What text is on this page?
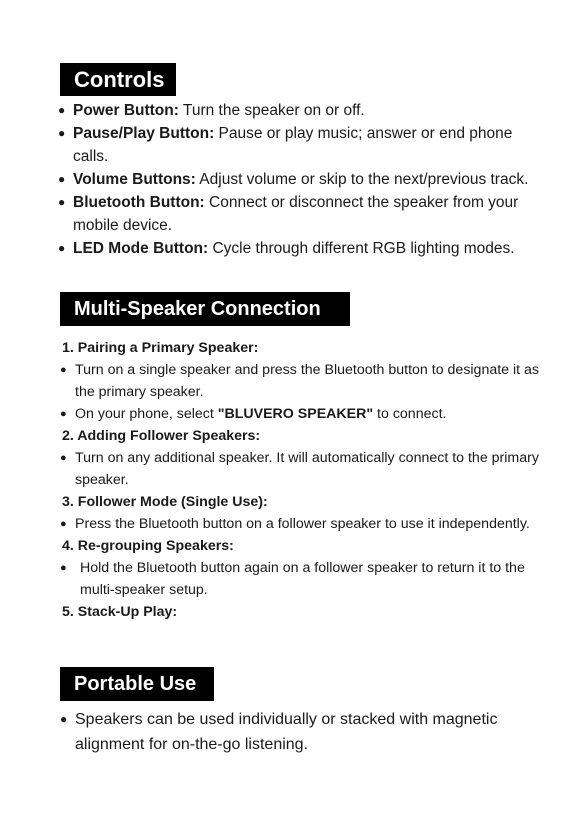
Controls
● Power Button: Turn the speaker on or off.
● Pause/Play Button: Pause or play music; answer or end phone calls.
● Volume Buttons: Adjust volume or skip to the next/previous track.
● Bluetooth Button: Connect or disconnect the speaker from your mobile device.
● LED Mode Button: Cycle through different RGB lighting modes.
Multi-Speaker Connection
1. Pairing a Primary Speaker:
● Turn on a single speaker and press the Bluetooth button to designate it as the primary speaker.
● On your phone, select "BLUVERO SPEAKER" to connect.
2. Adding Follower Speakers:
● Turn on any additional speaker. It will automatically connect to the primary speaker.
3. Follower Mode (Single Use):
● Press the Bluetooth button on a follower speaker to use it independently.
4. Re-grouping Speakers:
● Hold the Bluetooth button again on a follower speaker to return it to the multi-speaker setup.
5. Stack-Up Play:
Portable Use
● Speakers can be used individually or stacked with magnetic alignment for on-the-go listening.
